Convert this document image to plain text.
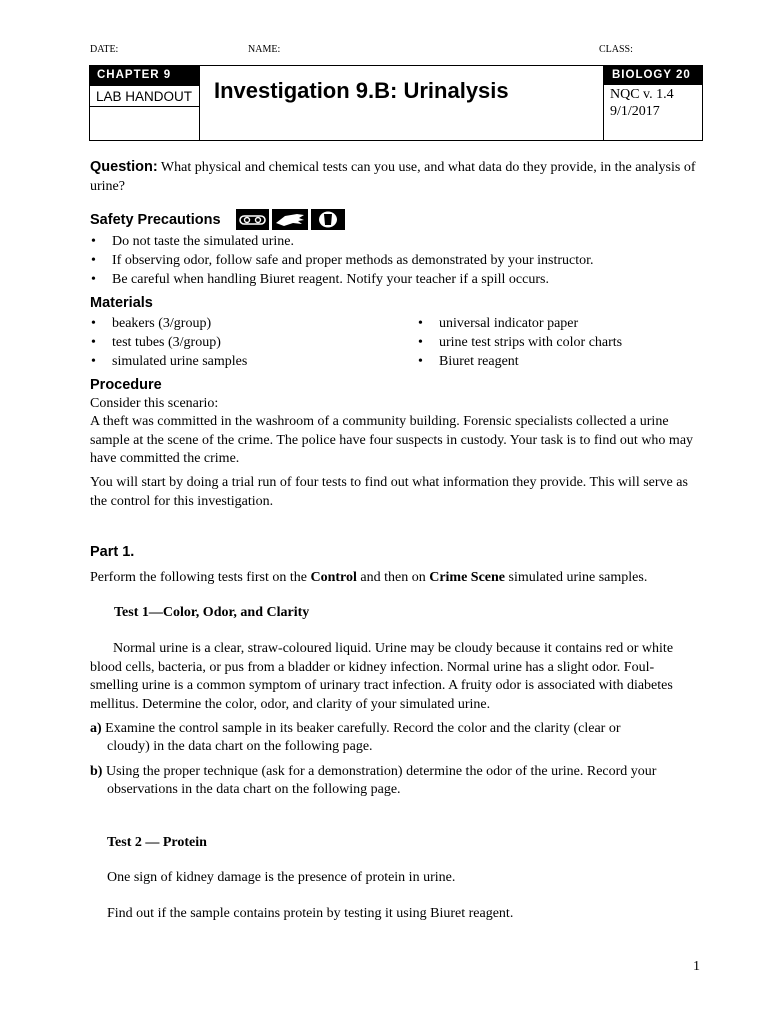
DATE:	NAME:	CLASS:
CHAPTER 9
LAB HANDOUT Investigation 9.B: Urinalysis
BIOLOGY 20
NQC v. 1.4
9/1/2017
Question: What physical and chemical tests can you use, and what data do they provide, in the analysis of urine?
Safety Precautions
• Do not taste the simulated urine.
• If observing odor, follow safe and proper methods as demonstrated by your instructor.
• Be careful when handling Biuret reagent. Notify your teacher if a spill occurs.
Materials
• beakers (3/group)
• test tubes (3/group)
• simulated urine samples
• universal indicator paper
• urine test strips with color charts
• Biuret reagent
Procedure
Consider this scenario:
A theft was committed in the washroom of a community building. Forensic specialists collected a urine sample at the scene of the crime. The police have four suspects in custody. Your task is to find out who may have committed the crime.
You will start by doing a trial run of four tests to find out what information they provide. This will serve as the control for this investigation.
Part 1.
Perform the following tests first on the Control and then on Crime Scene simulated urine samples.
Test 1—Color, Odor, and Clarity
Normal urine is a clear, straw-coloured liquid. Urine may be cloudy because it contains red or white blood cells, bacteria, or pus from a bladder or kidney infection. Normal urine has a slight odor. Foul-smelling urine is a common symptom of urinary tract infection. A fruity odor is associated with diabetes mellitus. Determine the color, odor, and clarity of your simulated urine.
a) Examine the control sample in its beaker carefully. Record the color and the clarity (clear or
cloudy) in the data chart on the following page.
b) Using the proper technique (ask for a demonstration) determine the odor of the urine. Record your
observations in the data chart on the following page.
Test 2 — Protein
One sign of kidney damage is the presence of protein in urine.
Find out if the sample contains protein by testing it using Biuret reagent.
1
